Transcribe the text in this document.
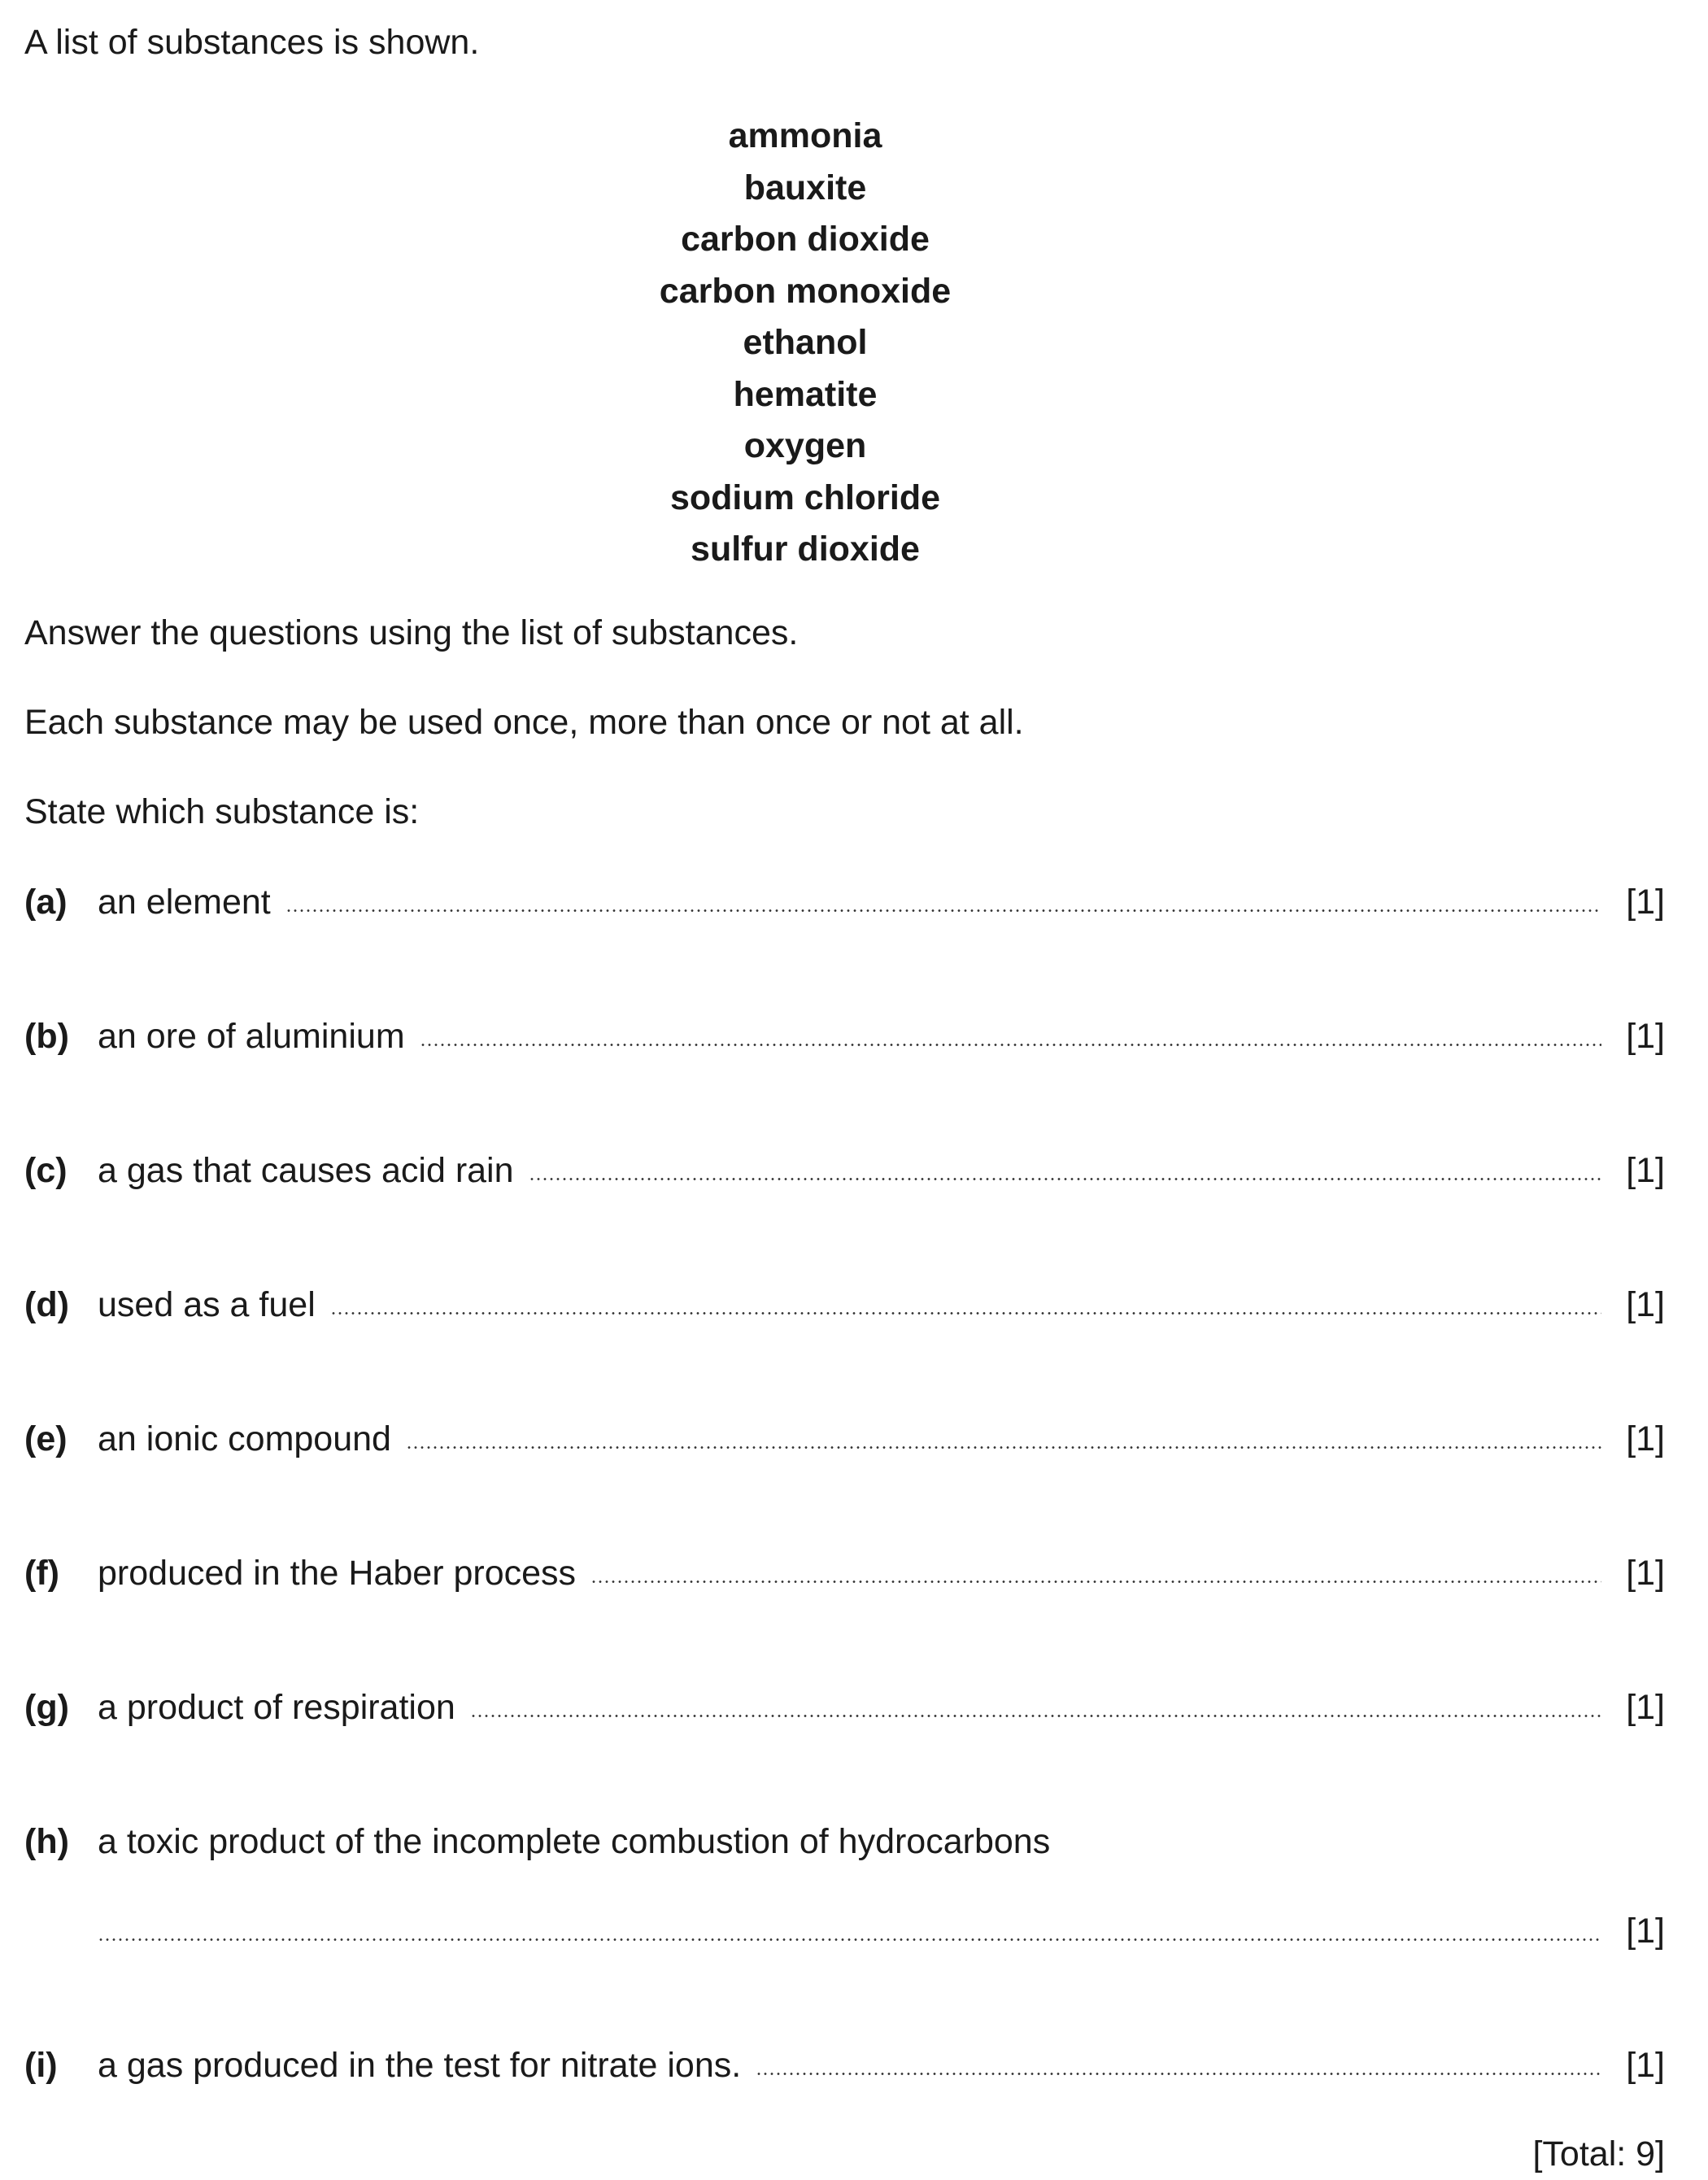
A list of substances is shown.
ammonia
bauxite
carbon dioxide
carbon monoxide
ethanol
hematite
oxygen
sodium chloride
sulfur dioxide
Answer the questions using the list of substances.
Each substance may be used once, more than once or not at all.
State which substance is:
(a) an element	[1]
(b) an ore of aluminium	[1]
(c) a gas that causes acid rain	[1]
(d) used as a fuel	[1]
(e) an ionic compound	[1]
(f)	produced in the Haber process	[1]
(g) a product of respiration	[1]
(h) a toxic product of the incomplete combustion of hydrocarbons
[1]
(i)	a gas produced in the test for nitrate ions.	[1]
[Total: 9]
